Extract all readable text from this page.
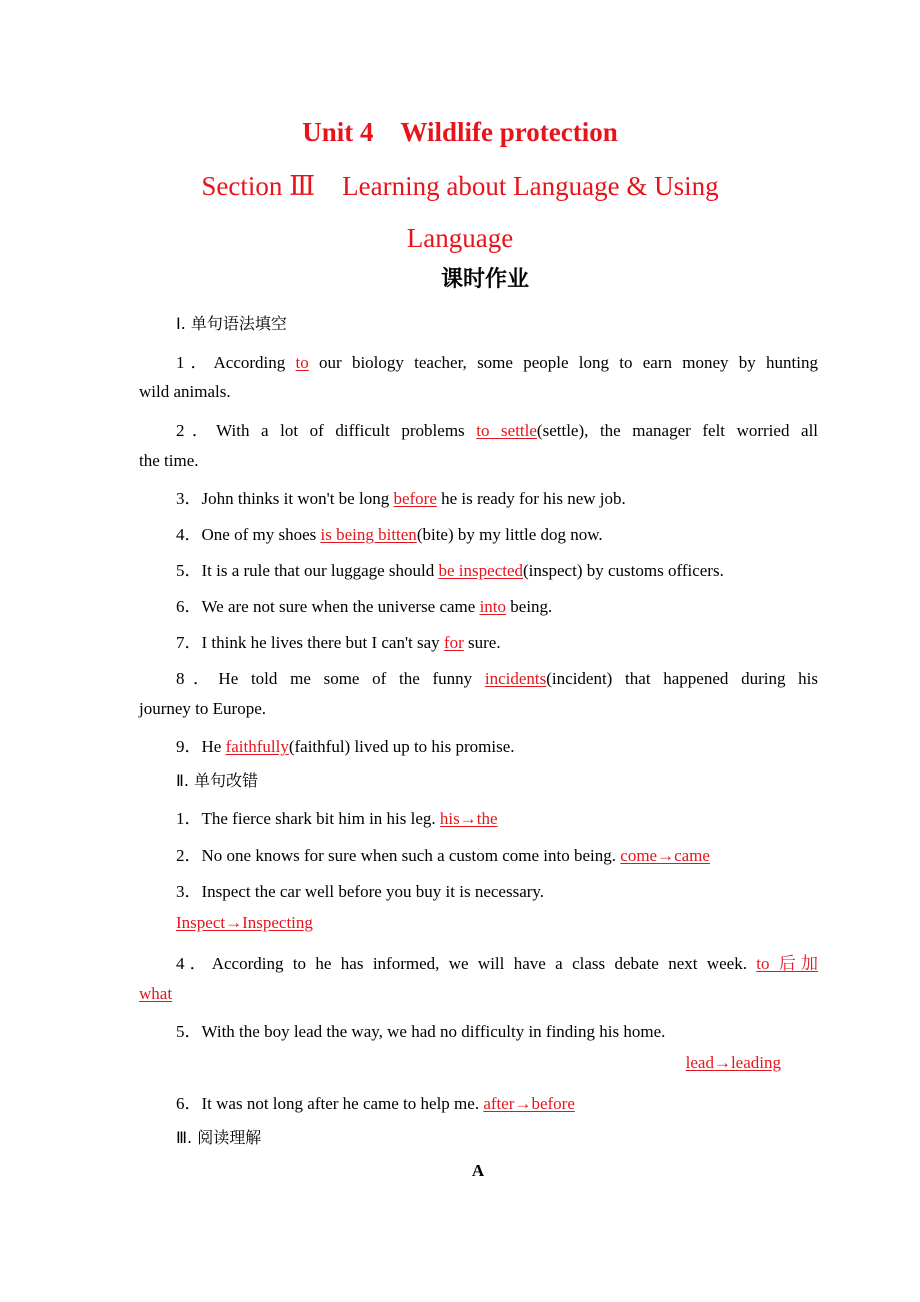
Unit 4　Wildlife protection
Section Ⅲ　Learning about Language & Using
Language
课时作业
Ⅰ. 单句语法填空
1．According to our biology teacher, some people long to earn money by hunting
wild animals.
2．With a lot of difficult problems to settle(settle), the manager felt worried all
the time.
3．John thinks it won't be long before he is ready for his new job.
4．One of my shoes is being bitten(bite) by my little dog now.
5．It is a rule that our luggage should be inspected(inspect) by customs officers.
6．We are not sure when the universe came into being.
7．I think he lives there but I can't say for sure.
8．He told me some of the funny incidents(incident) that happened during his
journey to Europe.
9．He faithfully(faithful) lived up to his promise.
Ⅱ. 单句改错
1．The fierce shark bit him in his leg. his→the
2．No one knows for sure when such a custom come into being. come→came
3．Inspect the car well before you buy it is necessary.
Inspect→Inspecting
4．According to he has informed, we will have a class debate next week. to 后加
what
5．With the boy lead the way, we had no difficulty in finding his home.
lead→leading
6．It was not long after he came to help me. after→before
Ⅲ. 阅读理解
A
